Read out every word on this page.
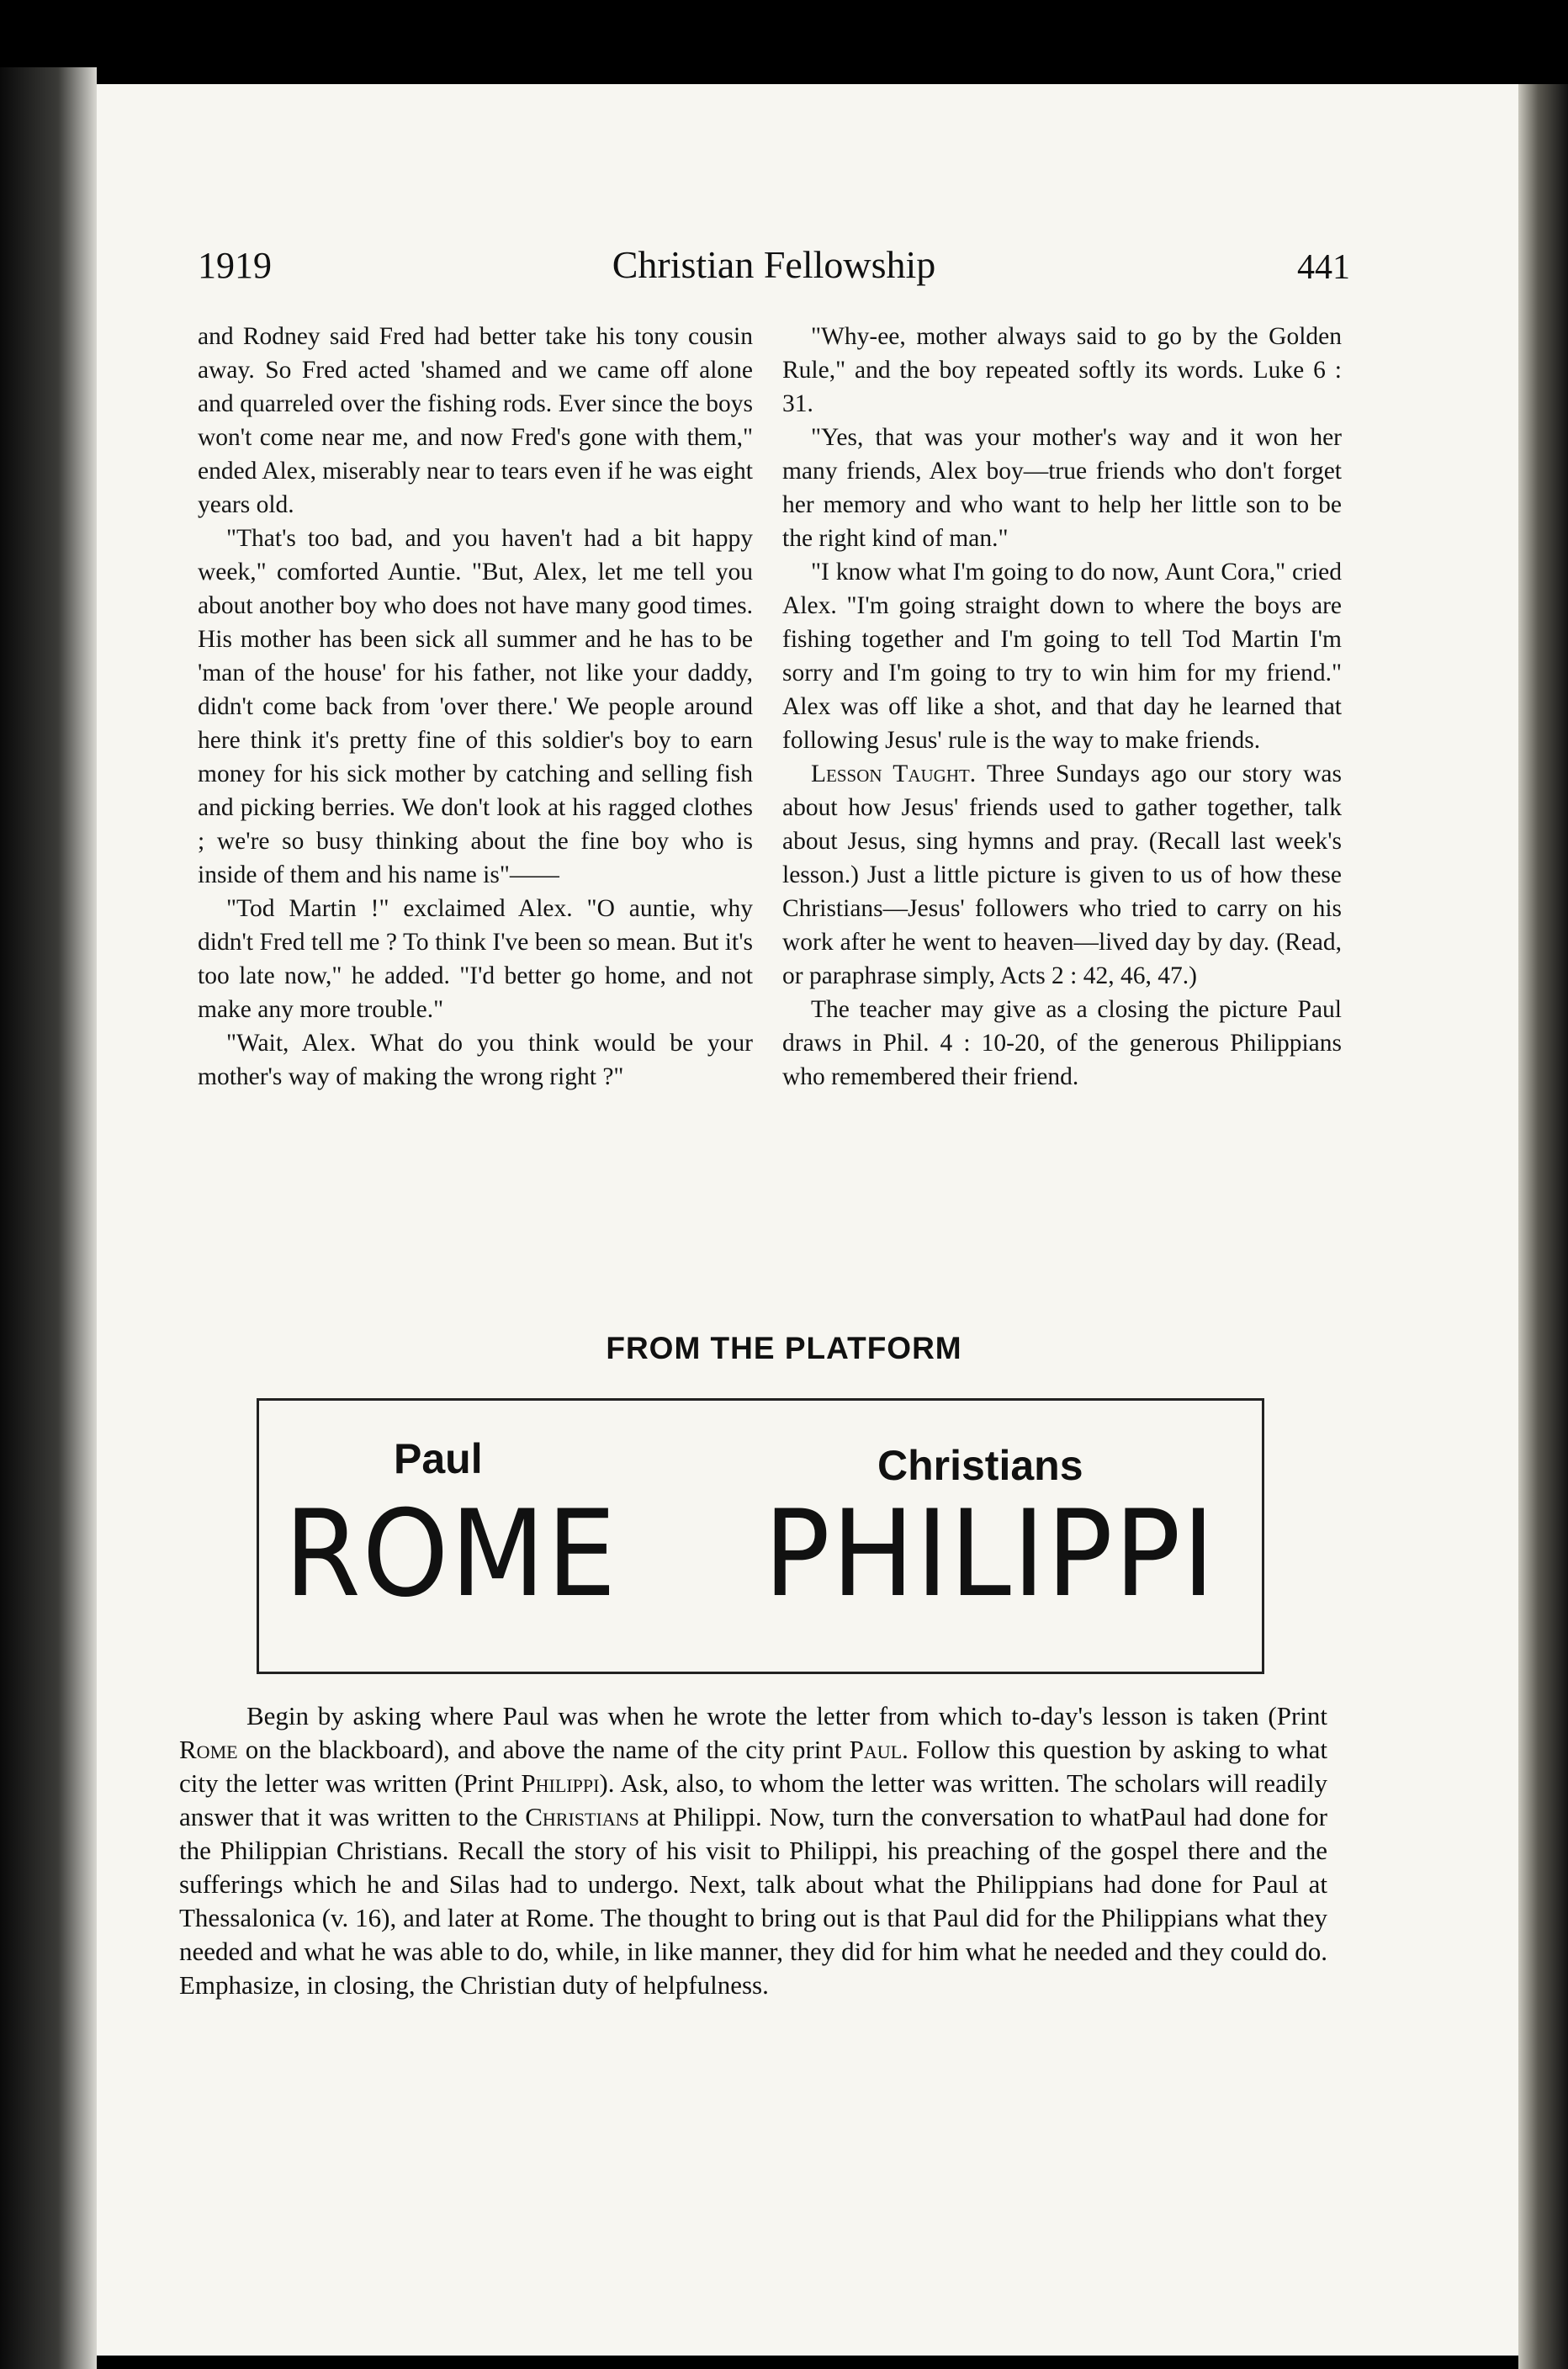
1919	Christian Fellowship	441

and Rodney said Fred had better take his tony cousin away. So Fred acted 'shamed and we came off alone and quarreled over the fishing rods. Ever since the boys won't come near me, and now Fred's gone with them," ended Alex, miserably near to tears even if he was eight years old.

"That's too bad, and you haven't had a bit happy week," comforted Auntie. "But, Alex, let me tell you about another boy who does not have many good times. His mother has been sick all summer and he has to be 'man of the house' for his father, not like your daddy, didn't come back from 'over there.' We people around here think it's pretty fine of this soldier's boy to earn money for his sick mother by catching and selling fish and picking berries. We don't look at his ragged clothes ; we're so busy thinking about the fine boy who is inside of them and his name is"——

"Tod Martin !" exclaimed Alex. "O auntie, why didn't Fred tell me ? To think I've been so mean. But it's too late now," he added. "I'd better go home, and not make any more trouble."

"Wait, Alex. What do you think would be your mother's way of making the wrong right ?"

"Why-ee, mother always said to go by the Golden Rule," and the boy repeated softly its words. Luke 6 : 31.

"Yes, that was your mother's way and it won her many friends, Alex boy—true friends who don't forget her memory and who want to help her little son to be the right kind of man."

"I know what I'm going to do now, Aunt Cora," cried Alex. "I'm going straight down to where the boys are fishing together and I'm going to tell Tod Martin I'm sorry and I'm going to try to win him for my friend." Alex was off like a shot, and that day he learned that following Jesus' rule is the way to make friends.

Lesson Taught. Three Sundays ago our story was about how Jesus' friends used to gather together, talk about Jesus, sing hymns and pray. (Recall last week's lesson.) Just a little picture is given to us of how these Christians—Jesus' followers who tried to carry on his work after he went to heaven—lived day by day. (Read, or paraphrase simply, Acts 2 : 42, 46, 47.)

The teacher may give as a closing the picture Paul draws in Phil. 4 : 10-20, of the generous Philippians who remembered their friend.

FROM THE PLATFORM
Paul	Christians
ROME PHILIPPI

Begin by asking where Paul was when he wrote the letter from which to-day's lesson is taken (Print Rome on the blackboard), and above the name of the city print Paul. Follow this question by asking to what city the letter was written (Print Philippi). Ask, also, to whom the letter was written. The scholars will readily answer that it was written to the Christians at Philippi. Now, turn the conversation to whatPaul had done for the Philippian Christians. Recall the story of his visit to Philippi, his preaching of the gospel there and the sufferings which he and Silas had to undergo. Next, talk about what the Philippians had done for Paul at Thessalonica (v. 16), and later at Rome. The thought to bring out is that Paul did for the Philippians what they needed and what he was able to do, while, in like manner, they did for him what he needed and they could do. Emphasize, in closing, the Christian duty of helpfulness.
